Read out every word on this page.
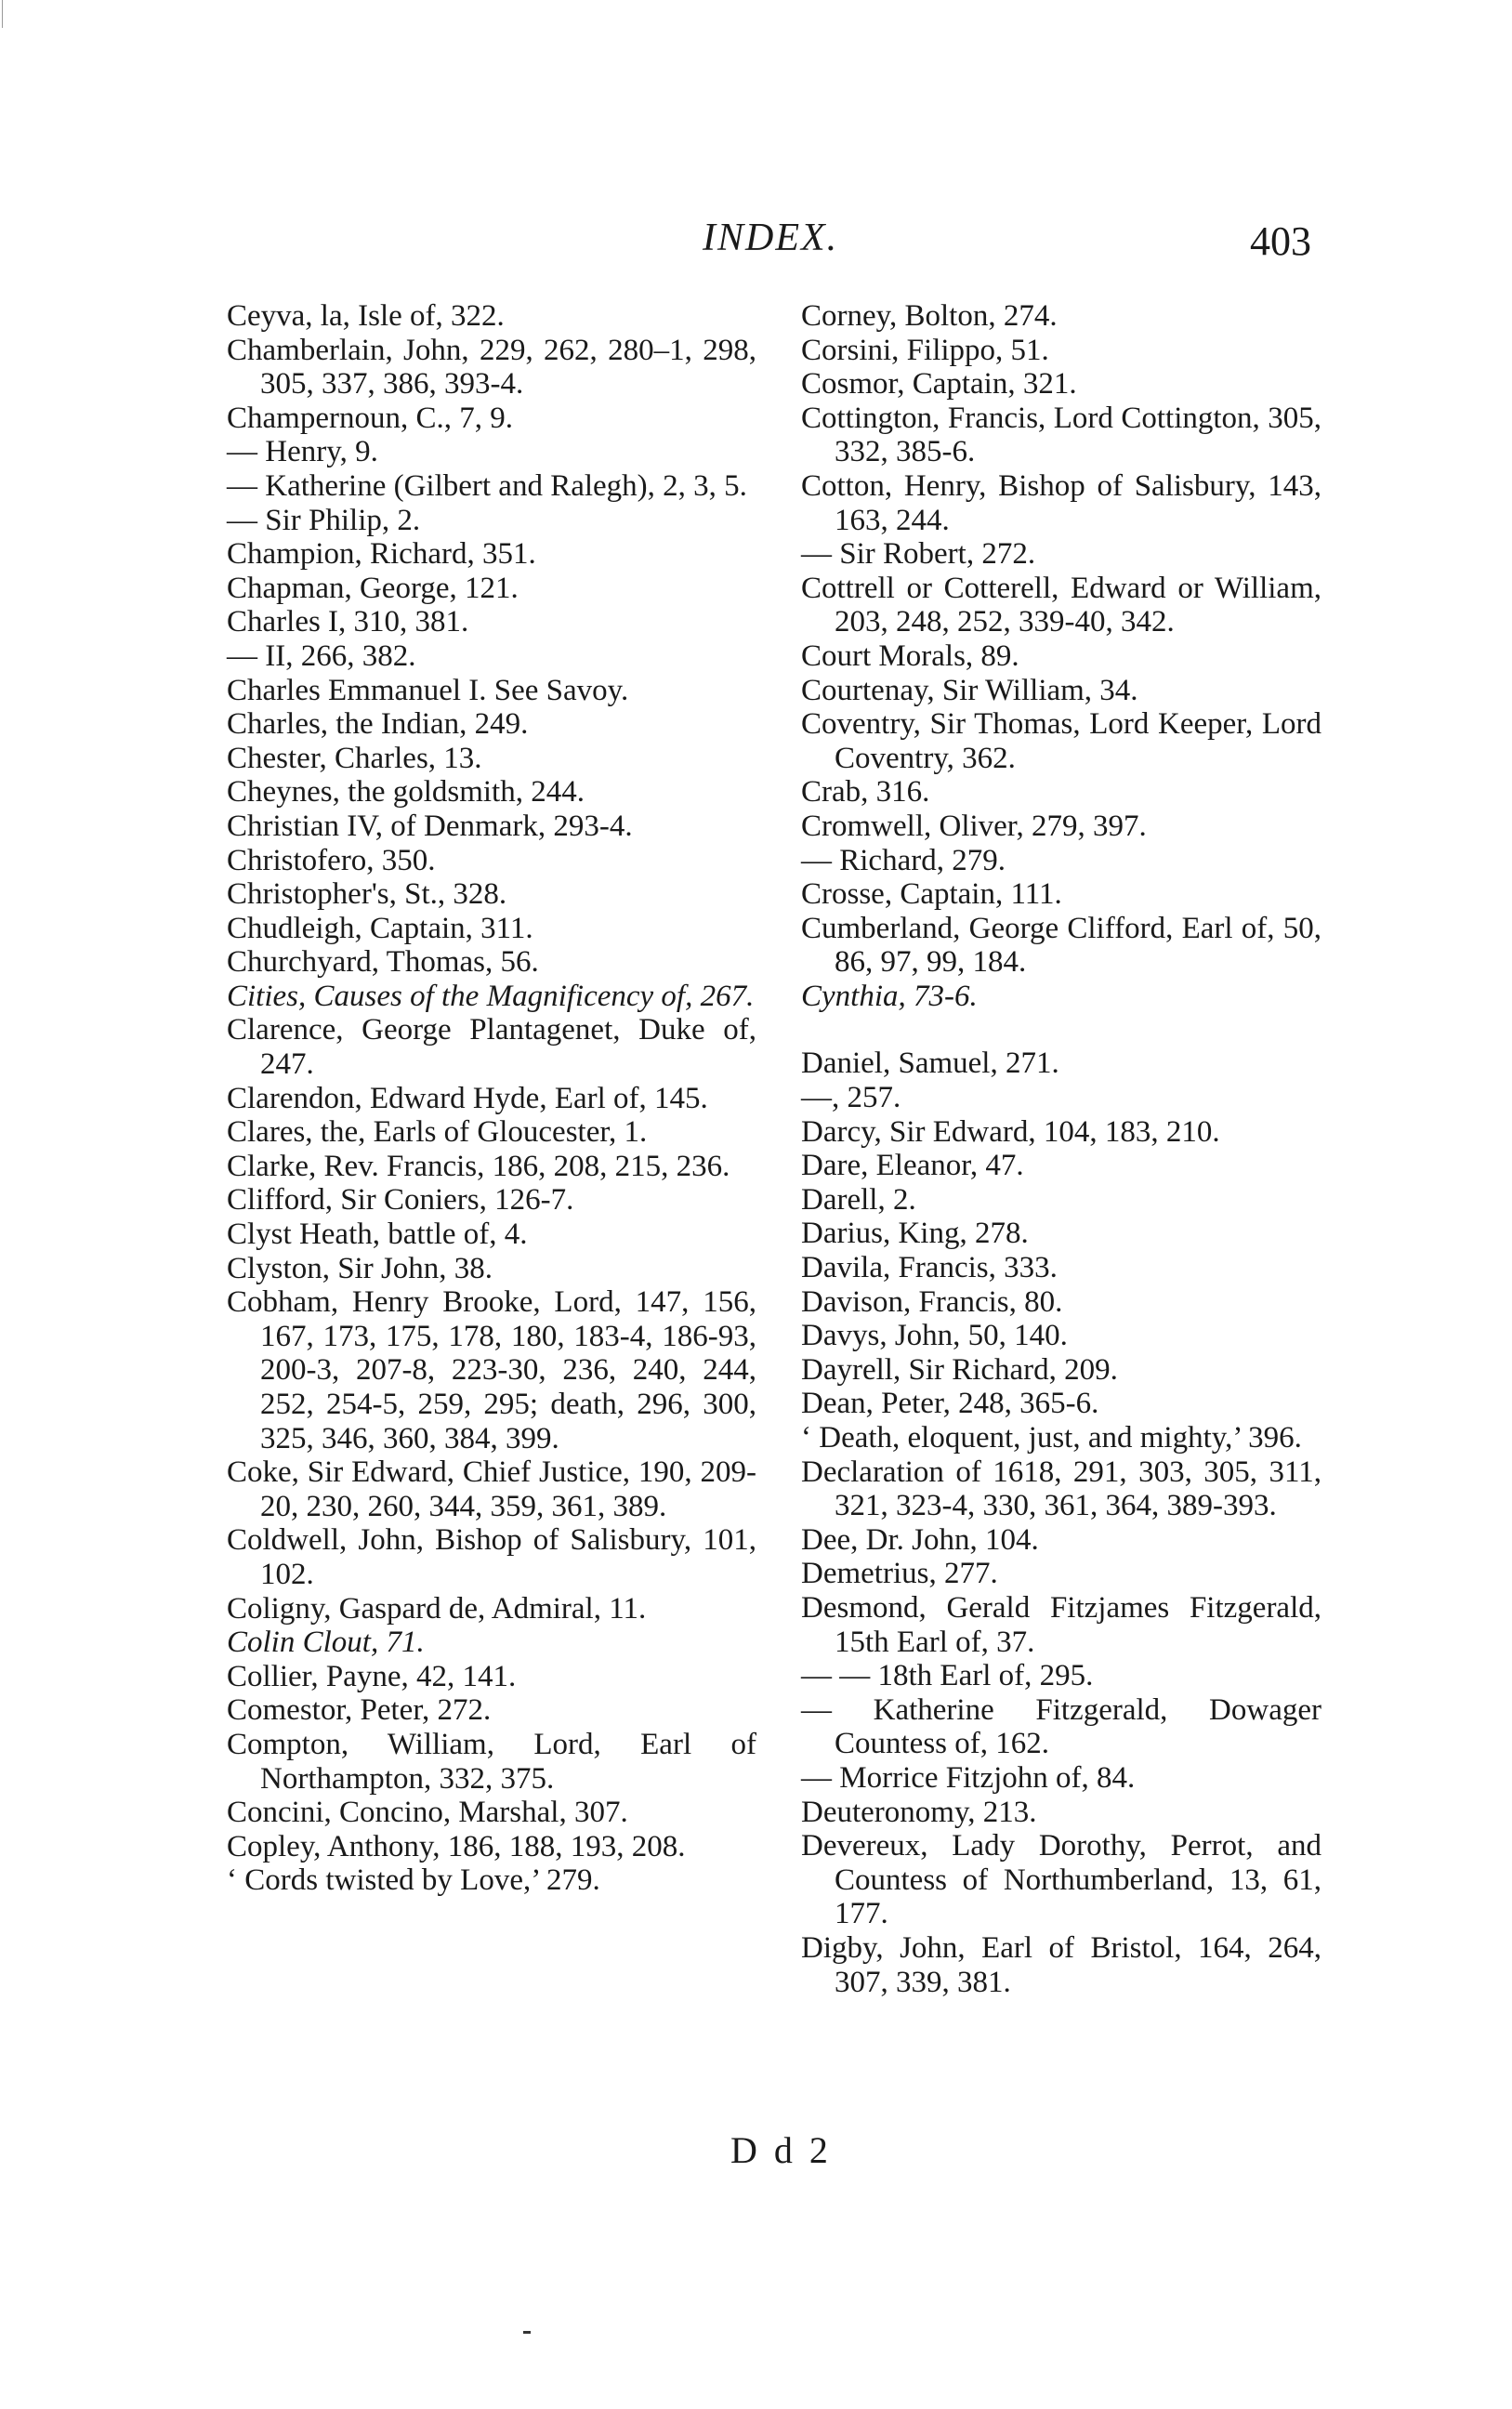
INDEX.	403
Ceyva, la, Isle of, 322.
Chamberlain, John, 229, 262, 280–1, 298, 305, 337, 386, 393-4.
Champernoun, C., 7, 9.
— Henry, 9.
— Katherine (Gilbert and Ralegh), 2, 3, 5.
— Sir Philip, 2.
Champion, Richard, 351.
Chapman, George, 121.
Charles I, 310, 381.
— II, 266, 382.
Charles Emmanuel I. See Savoy.
Charles, the Indian, 249.
Chester, Charles, 13.
Cheynes, the goldsmith, 244.
Christian IV, of Denmark, 293-4.
Christofero, 350.
Christopher's, St., 328.
Chudleigh, Captain, 311.
Churchyard, Thomas, 56.
Cities, Causes of the Magnificency of, 267.
Clarence, George Plantagenet, Duke of, 247.
Clarendon, Edward Hyde, Earl of, 145.
Clares, the, Earls of Gloucester, 1.
Clarke, Rev. Francis, 186, 208, 215, 236.
Clifford, Sir Coniers, 126-7.
Clyst Heath, battle of, 4.
Clyston, Sir John, 38.
Cobham, Henry Brooke, Lord, 147, 156, 167, 173, 175, 178, 180, 183-4, 186-93, 200-3, 207-8, 223-30, 236, 240, 244, 252, 254-5, 259, 295; death, 296, 300, 325, 346, 360, 384, 399.
Coke, Sir Edward, Chief Justice, 190, 209-20, 230, 260, 344, 359, 361, 389.
Coldwell, John, Bishop of Salisbury, 101, 102.
Coligny, Gaspard de, Admiral, 11.
Colin Clout, 71.
Collier, Payne, 42, 141.
Comestor, Peter, 272.
Compton, William, Lord, Earl of Northampton, 332, 375.
Concini, Concino, Marshal, 307.
Copley, Anthony, 186, 188, 193, 208.
‘ Cords twisted by Love,’ 279.
Corney, Bolton, 274.
Corsini, Filippo, 51.
Cosmor, Captain, 321.
Cottington, Francis, Lord Cottington, 305, 332, 385-6.
Cotton, Henry, Bishop of Salisbury, 143, 163, 244.
— Sir Robert, 272.
Cottrell or Cotterell, Edward or William, 203, 248, 252, 339-40, 342.
Court Morals, 89.
Courtenay, Sir William, 34.
Coventry, Sir Thomas, Lord Keeper, Lord Coventry, 362.
Crab, 316.
Cromwell, Oliver, 279, 397.
— Richard, 279.
Crosse, Captain, 111.
Cumberland, George Clifford, Earl of, 50, 86, 97, 99, 184.
Cynthia, 73-6.
Daniel, Samuel, 271.
—, 257.
Darcy, Sir Edward, 104, 183, 210.
Dare, Eleanor, 47.
Darell, 2.
Darius, King, 278.
Davila, Francis, 333.
Davison, Francis, 80.
Davys, John, 50, 140.
Dayrell, Sir Richard, 209.
Dean, Peter, 248, 365-6.
‘ Death, eloquent, just, and mighty,’ 396.
Declaration of 1618, 291, 303, 305, 311, 321, 323-4, 330, 361, 364, 389-393.
Dee, Dr. John, 104.
Demetrius, 277.
Desmond, Gerald Fitzjames Fitzgerald, 15th Earl of, 37.
— — 18th Earl of, 295.
— Katherine Fitzgerald, Dowager Countess of, 162.
— Morrice Fitzjohn of, 84.
Deuteronomy, 213.
Devereux, Lady Dorothy, Perrot, and Countess of Northumberland, 13, 61, 177.
Digby, John, Earl of Bristol, 164, 264, 307, 339, 381.
D d 2
